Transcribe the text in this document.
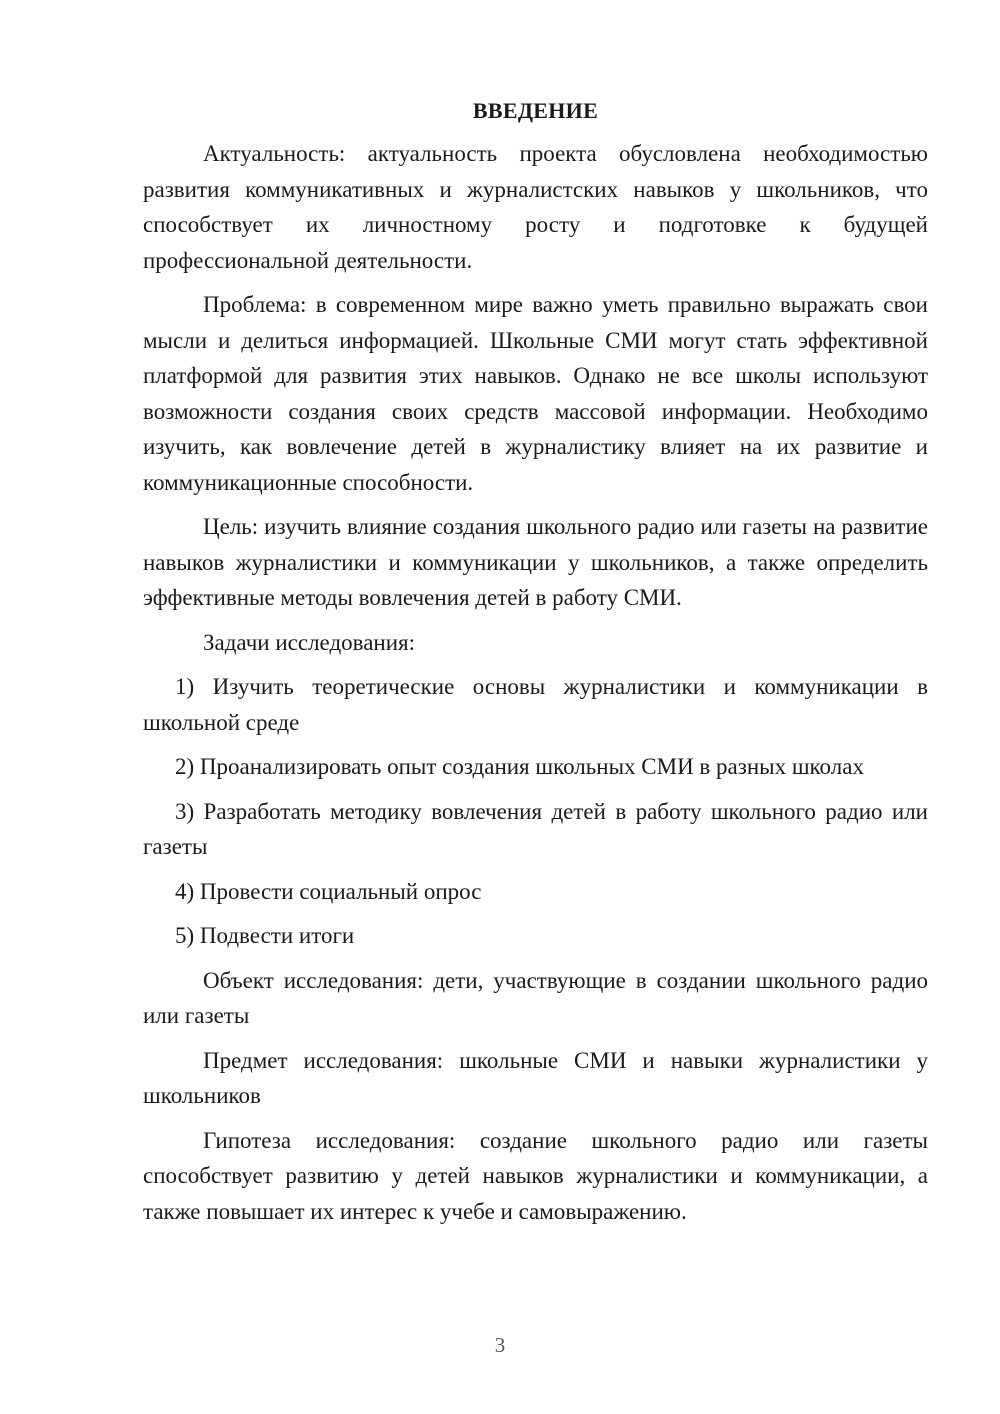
ВВЕДЕНИЕ

Актуальность: актуальность проекта обусловлена необходимостью развития коммуникативных и журналистских навыков у школьников, что способствует их личностному росту и подготовке к будущей профессиональной деятельности.

Проблема: в современном мире важно уметь правильно выражать свои мысли и делиться информацией. Школьные СМИ могут стать эффективной платформой для развития этих навыков. Однако не все школы используют возможности создания своих средств массовой информации. Необходимо изучить, как вовлечение детей в журналистику влияет на их развитие и коммуникационные способности.

Цель: изучить влияние создания школьного радио или газеты на развитие навыков журналистики и коммуникации у школьников, а также определить эффективные методы вовлечения детей в работу СМИ.

Задачи исследования:

1) Изучить теоретические основы журналистики и коммуникации в школьной среде

2) Проанализировать опыт создания школьных СМИ в разных школах

3) Разработать методику вовлечения детей в работу школьного радио или газеты

4) Провести социальный опрос

5) Подвести итоги

Объект исследования: дети, участвующие в создании школьного радио или газеты

Предмет исследования: школьные СМИ и навыки журналистики у школьников

Гипотеза исследования: создание школьного радио или газеты способствует развитию у детей навыков журналистики и коммуникации, а также повышает их интерес к учебе и самовыражению.

3
